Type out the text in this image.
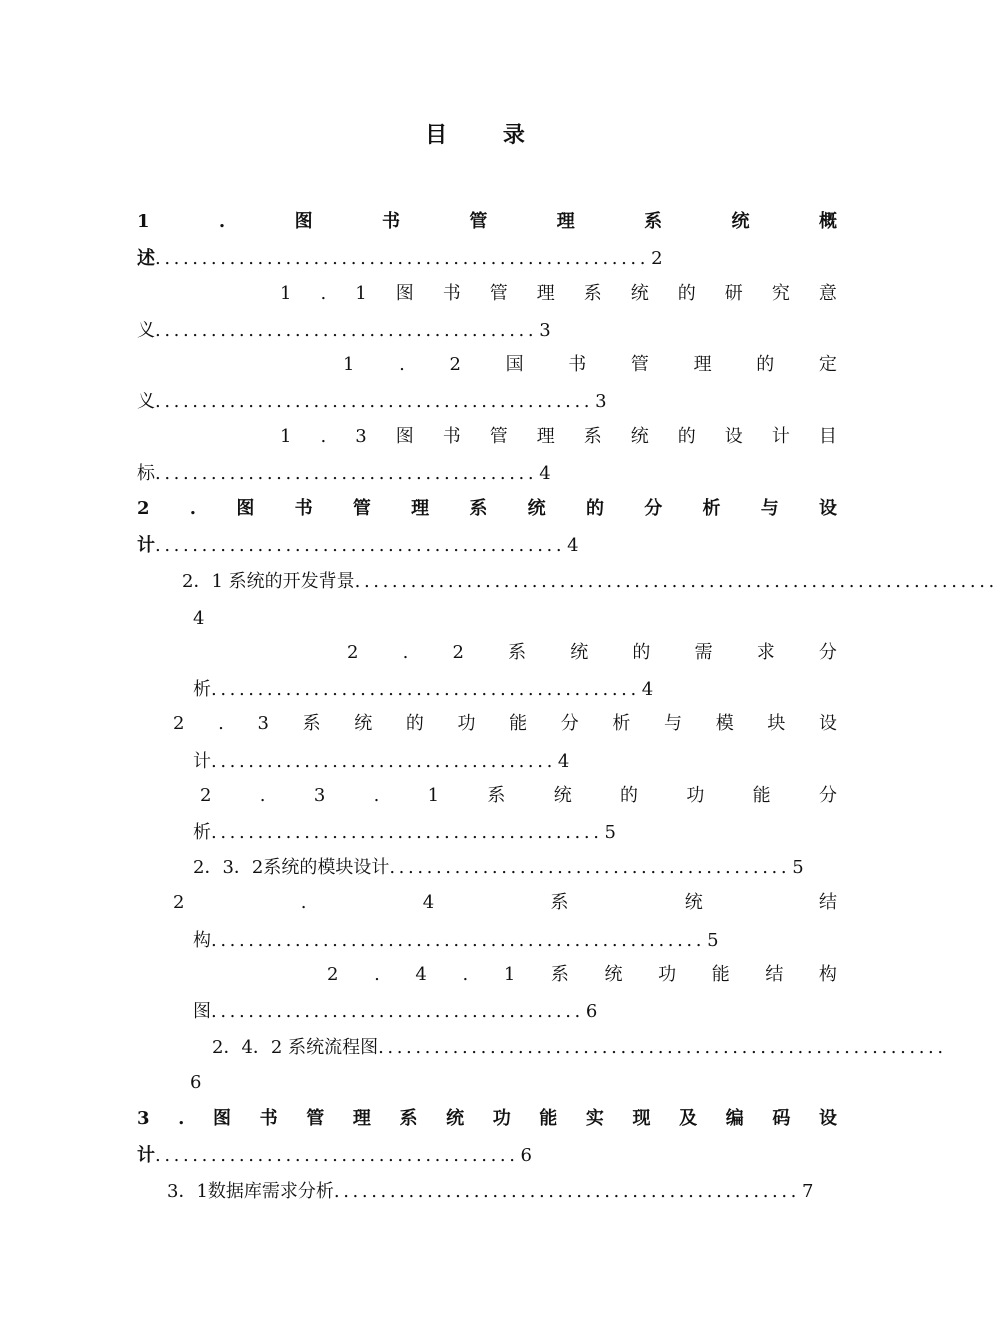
目 录
1	.	图	书	管	理	系	统	概
述..................................................... 2
1 . 1 图 书 管 理 系 统 的 研 究 意
义......................................... 3
1 . 2 国 书 管 理 的 定
义............................................... 3
1 . 3 图 书 管 理 系 统 的 设 计 目
标......................................... 4
2 . 图 书 管 理 系 统 的 分 析 与 设
计............................................ 4
2．1 系统的开发背景.....................................................................
4
2 . 2 系 统 的 需 求 分
析.............................................. 4
2 . 3 系 统 的 功 能 分 析 与 模 块 设
计..................................... 4
2	.	3	.	1	系	统	的	功	能	分
析.......................................... 5
2．3．2系统的模块设计........................................... 5
2	.	4	系	统	结
构..................................................... 5
2 . 4 . 1 系 统 功 能 结 构
图........................................ 6
2．4．2 系统流程图.............................................................
6
3 . 图 书 管 理 系 统 功 能 实 现 及 编 码 设
计....................................... 6
3．1数据库需求分析.................................................. 7
